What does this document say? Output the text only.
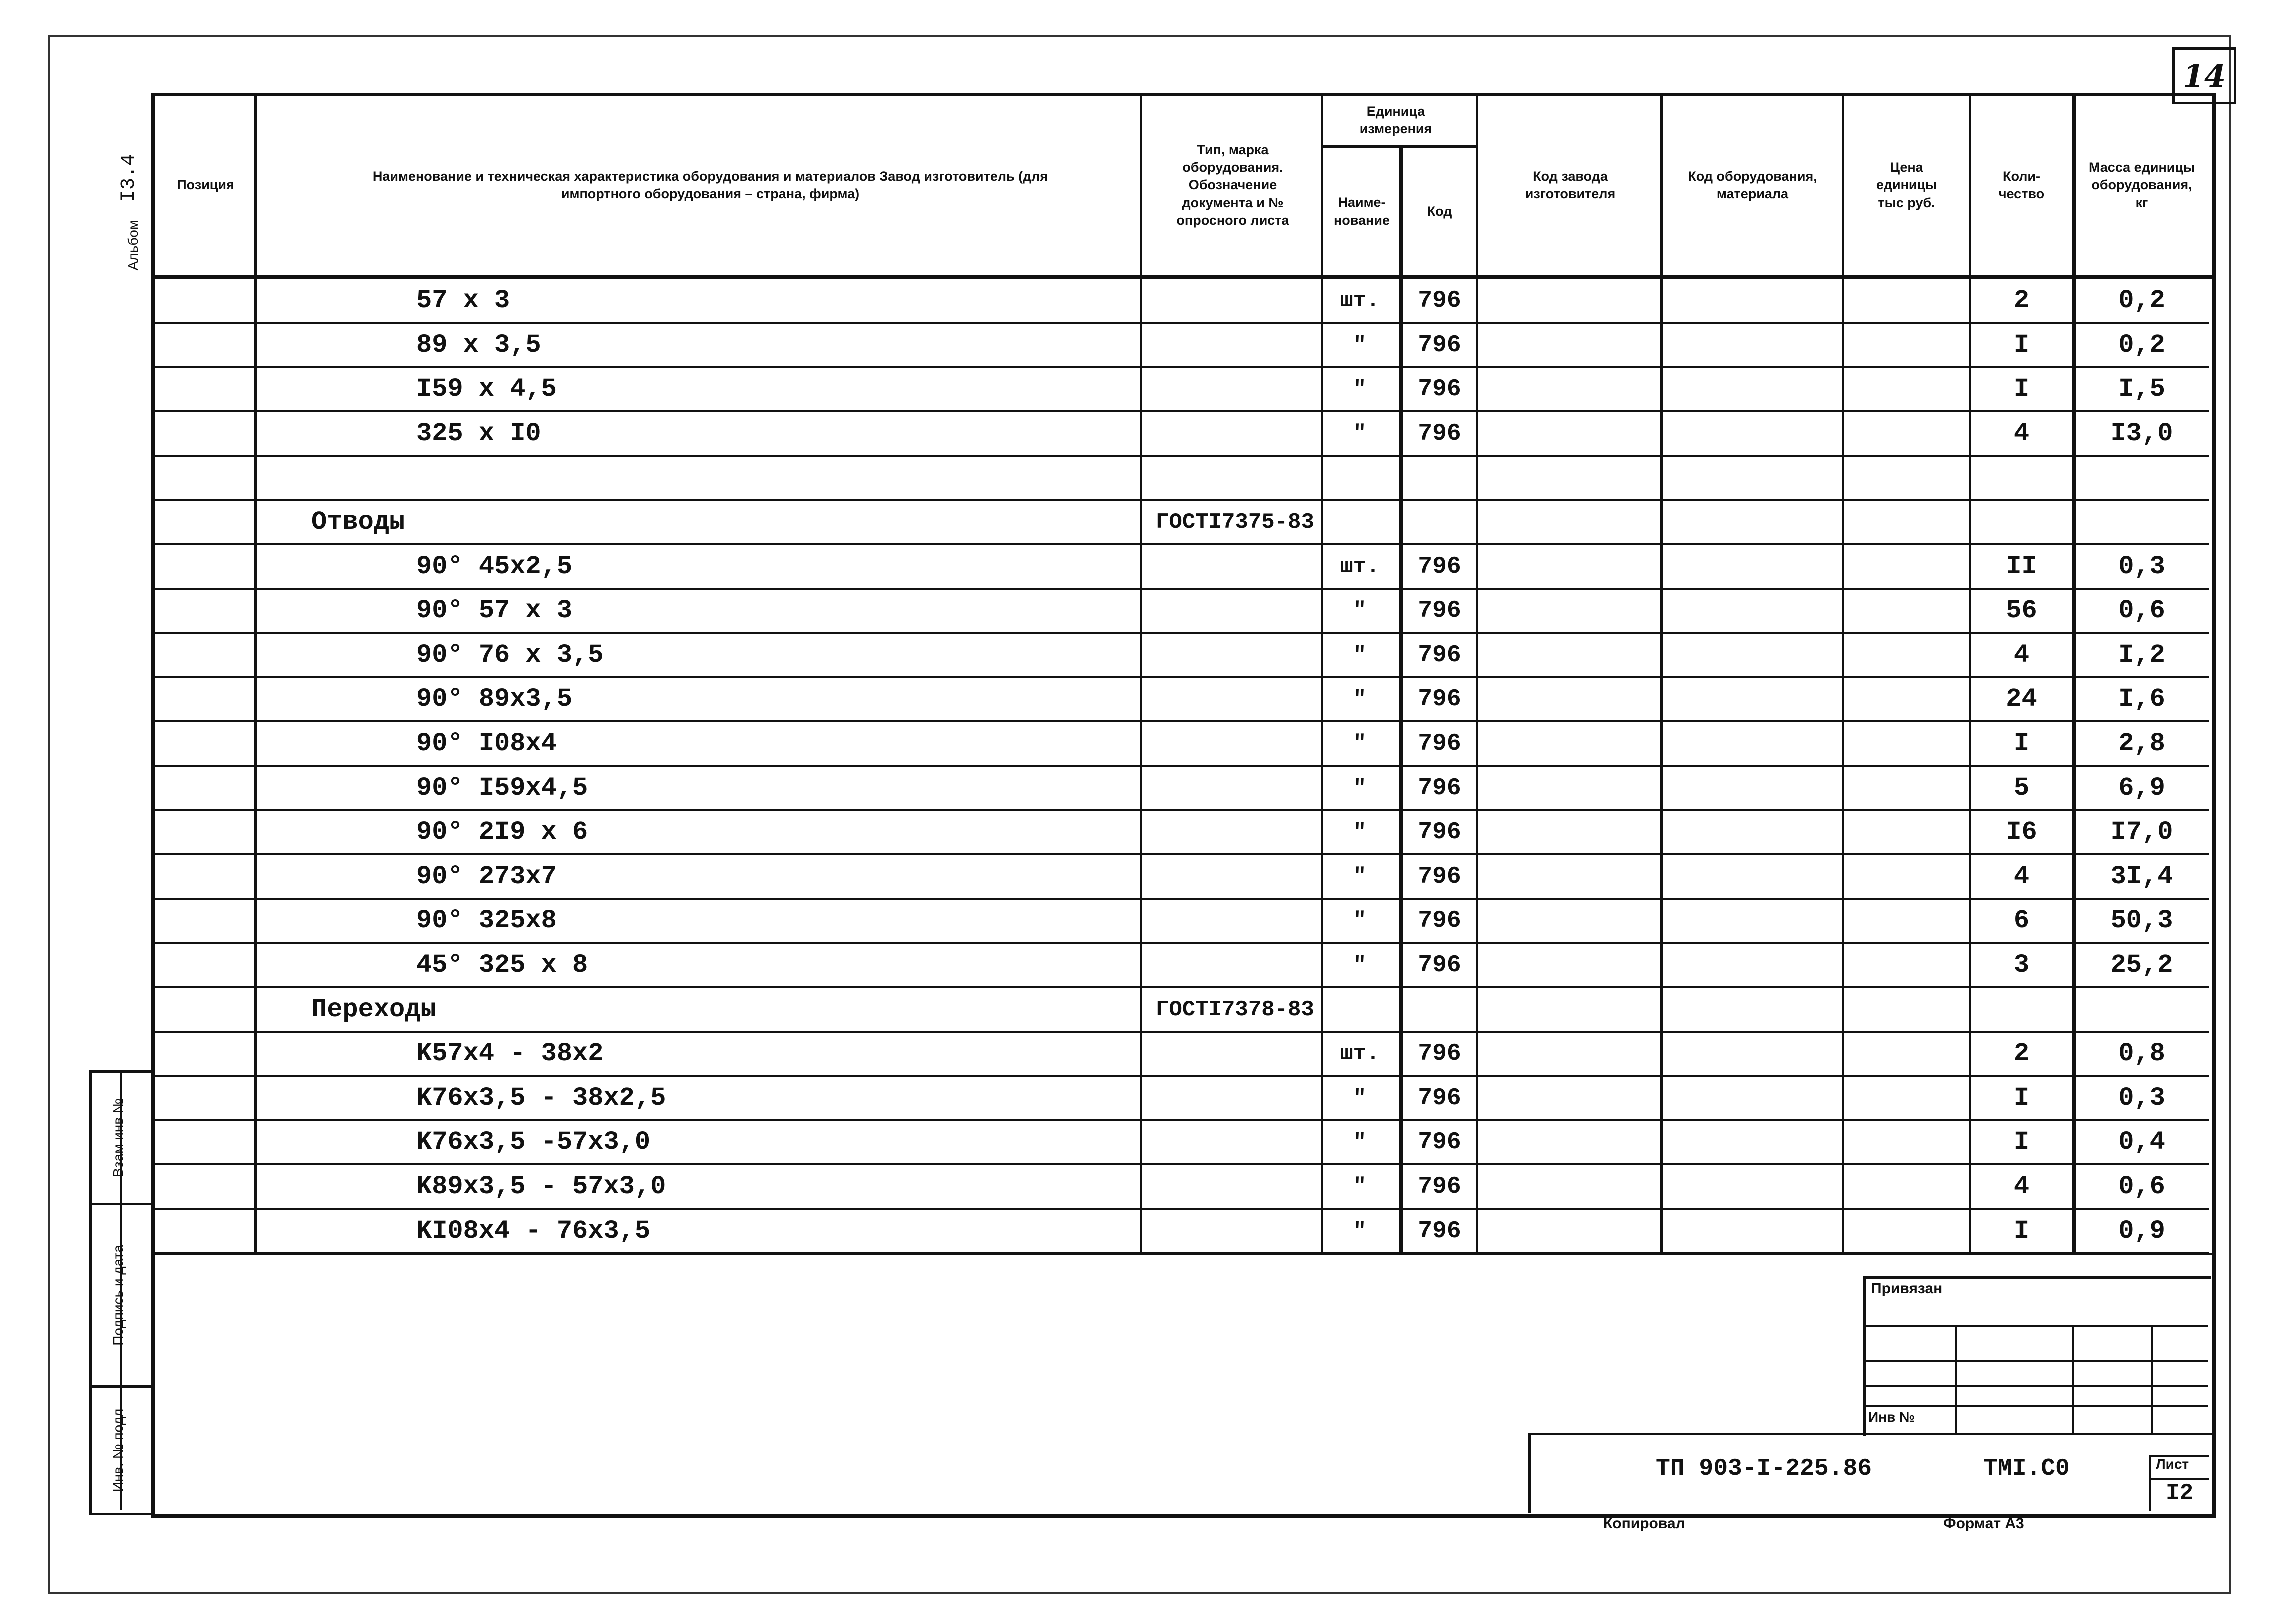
14
Взам инв №
Подпись и дата
Инв. № подл
Альбом
I3.4	Позиция
Наименование и техническая характеристика оборудования и материалов Завод изготовитель (для импортного оборудования – страна, фирма)
Тип, марка оборудования. Обозначение документа и № опросного листа
Единица измерения
Наиме-нование
Код
Код завода изготовителя
Код оборудования, материала
Цена единицы тыс руб.
Коли-чество
Масса единицы оборудования, кг
57 x 3	шт.	796	2	0,2
89 x 3,5	"	796	I	0,2
I59 x 4,5	"	796	I	I,5
325 x I0	"	796	4	I3,0
Отводы	ГОСТI7375-83
90° 45x2,5	шт.	796	II	0,3
90° 57 x 3	"	796	56	0,6
90° 76 x 3,5	"	796	4	I,2
90° 89x3,5	"	796	24	I,6
90° I08x4	"	796	I	2,8
90° I59x4,5	"	796	5	6,9
90° 2I9 x 6	"	796	I6	I7,0
90° 273x7	"	796	4	3I,4
90° 325x8	"	796	6	50,3
45° 325 x 8	"	796	3	25,2
Переходы	ГОСТI7378-83
K57x4 - 38x2	шт.	796	2	0,8
K76x3,5 - 38x2,5	"	796	I	0,3
K76x3,5 -57x3,0	"	796	I	0,4
K89x3,5 - 57x3,0	"	796	4	0,6
KI08x4 - 76x3,5	"	796	I	0,9
Привязан
Инв №
Лист
I2
ТП 903-I-225.86	ТМI.С0
Копировал	Формат А3
